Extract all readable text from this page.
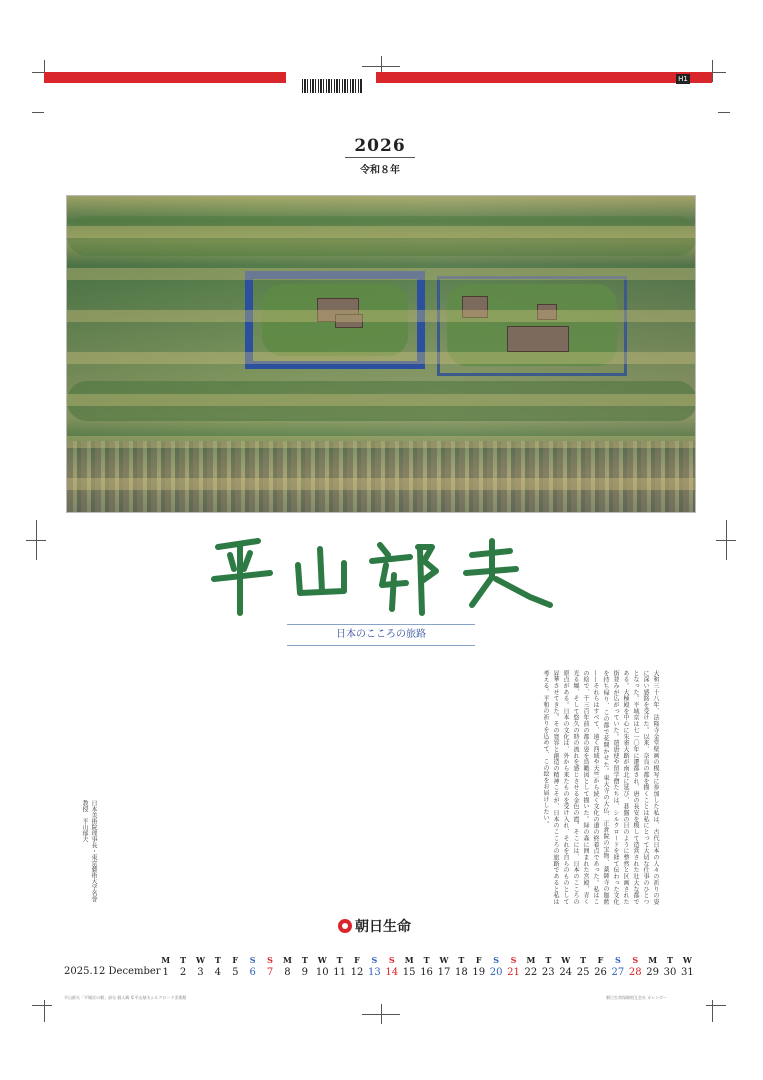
H1
2026
令和８年
日本のこころの旅路
大和三十八年、法隆寺金堂壁画の模写に参加した私は、古代日本の人々の祈りの姿に深い感銘を受けた。以来、奈良の都を描くことは私にとって大切な仕事のひとつとなった。平城京は七一〇年に遷都され、唐の長安を模して造営された壮大な都である。大極殿を中心に朱雀大路が南北に延び、碁盤の目のように整然と区画された街並みが広がっていた。遣唐使や留学僧たちは、シルクロードを経て伝わった文化を持ち帰り、この都で花開かせた。東大寺の大仏、正倉院の宝物、薬師寺の伽藍——それらはすべて、遠く西域や天竺から続く文化の道の終着点であった。私はこの絵で、千三百年前の都の姿を鳥瞰図として描いた。緑の森に囲まれた宮殿、青く光る堀、そして悠久の時の流れを感じさせる金色の霞。そこには、日本のこころの原点がある。日本の文化は、外から来たものを受け入れ、それを自らのものとして昇華させてきた。その寛容と創造の精神こそが、日本のこころの旅路であると私は考える。平和の祈りを込めて、この絵をお届けしたい。
日本美術院理事長・東京藝術大学名誉教授　平山郁夫
朝日生命
2025.12 December
M
1
T
2
W
3
T
4
F
5
S
6
S
7
M
8
T
9
W
10
T
11
F
12
S
13
S
14
M
15
T
16
W
17
T
18
F
19
S
20
S
21
M
22
T
23
W
24
T
25
F
26
S
27
S
28
M
29
T
30
W
31
平山郁夫「平城京の朝」部分 個人蔵 ©平山郁夫シルクロード美術館	朝日生命保険相互会社 カレンダー
